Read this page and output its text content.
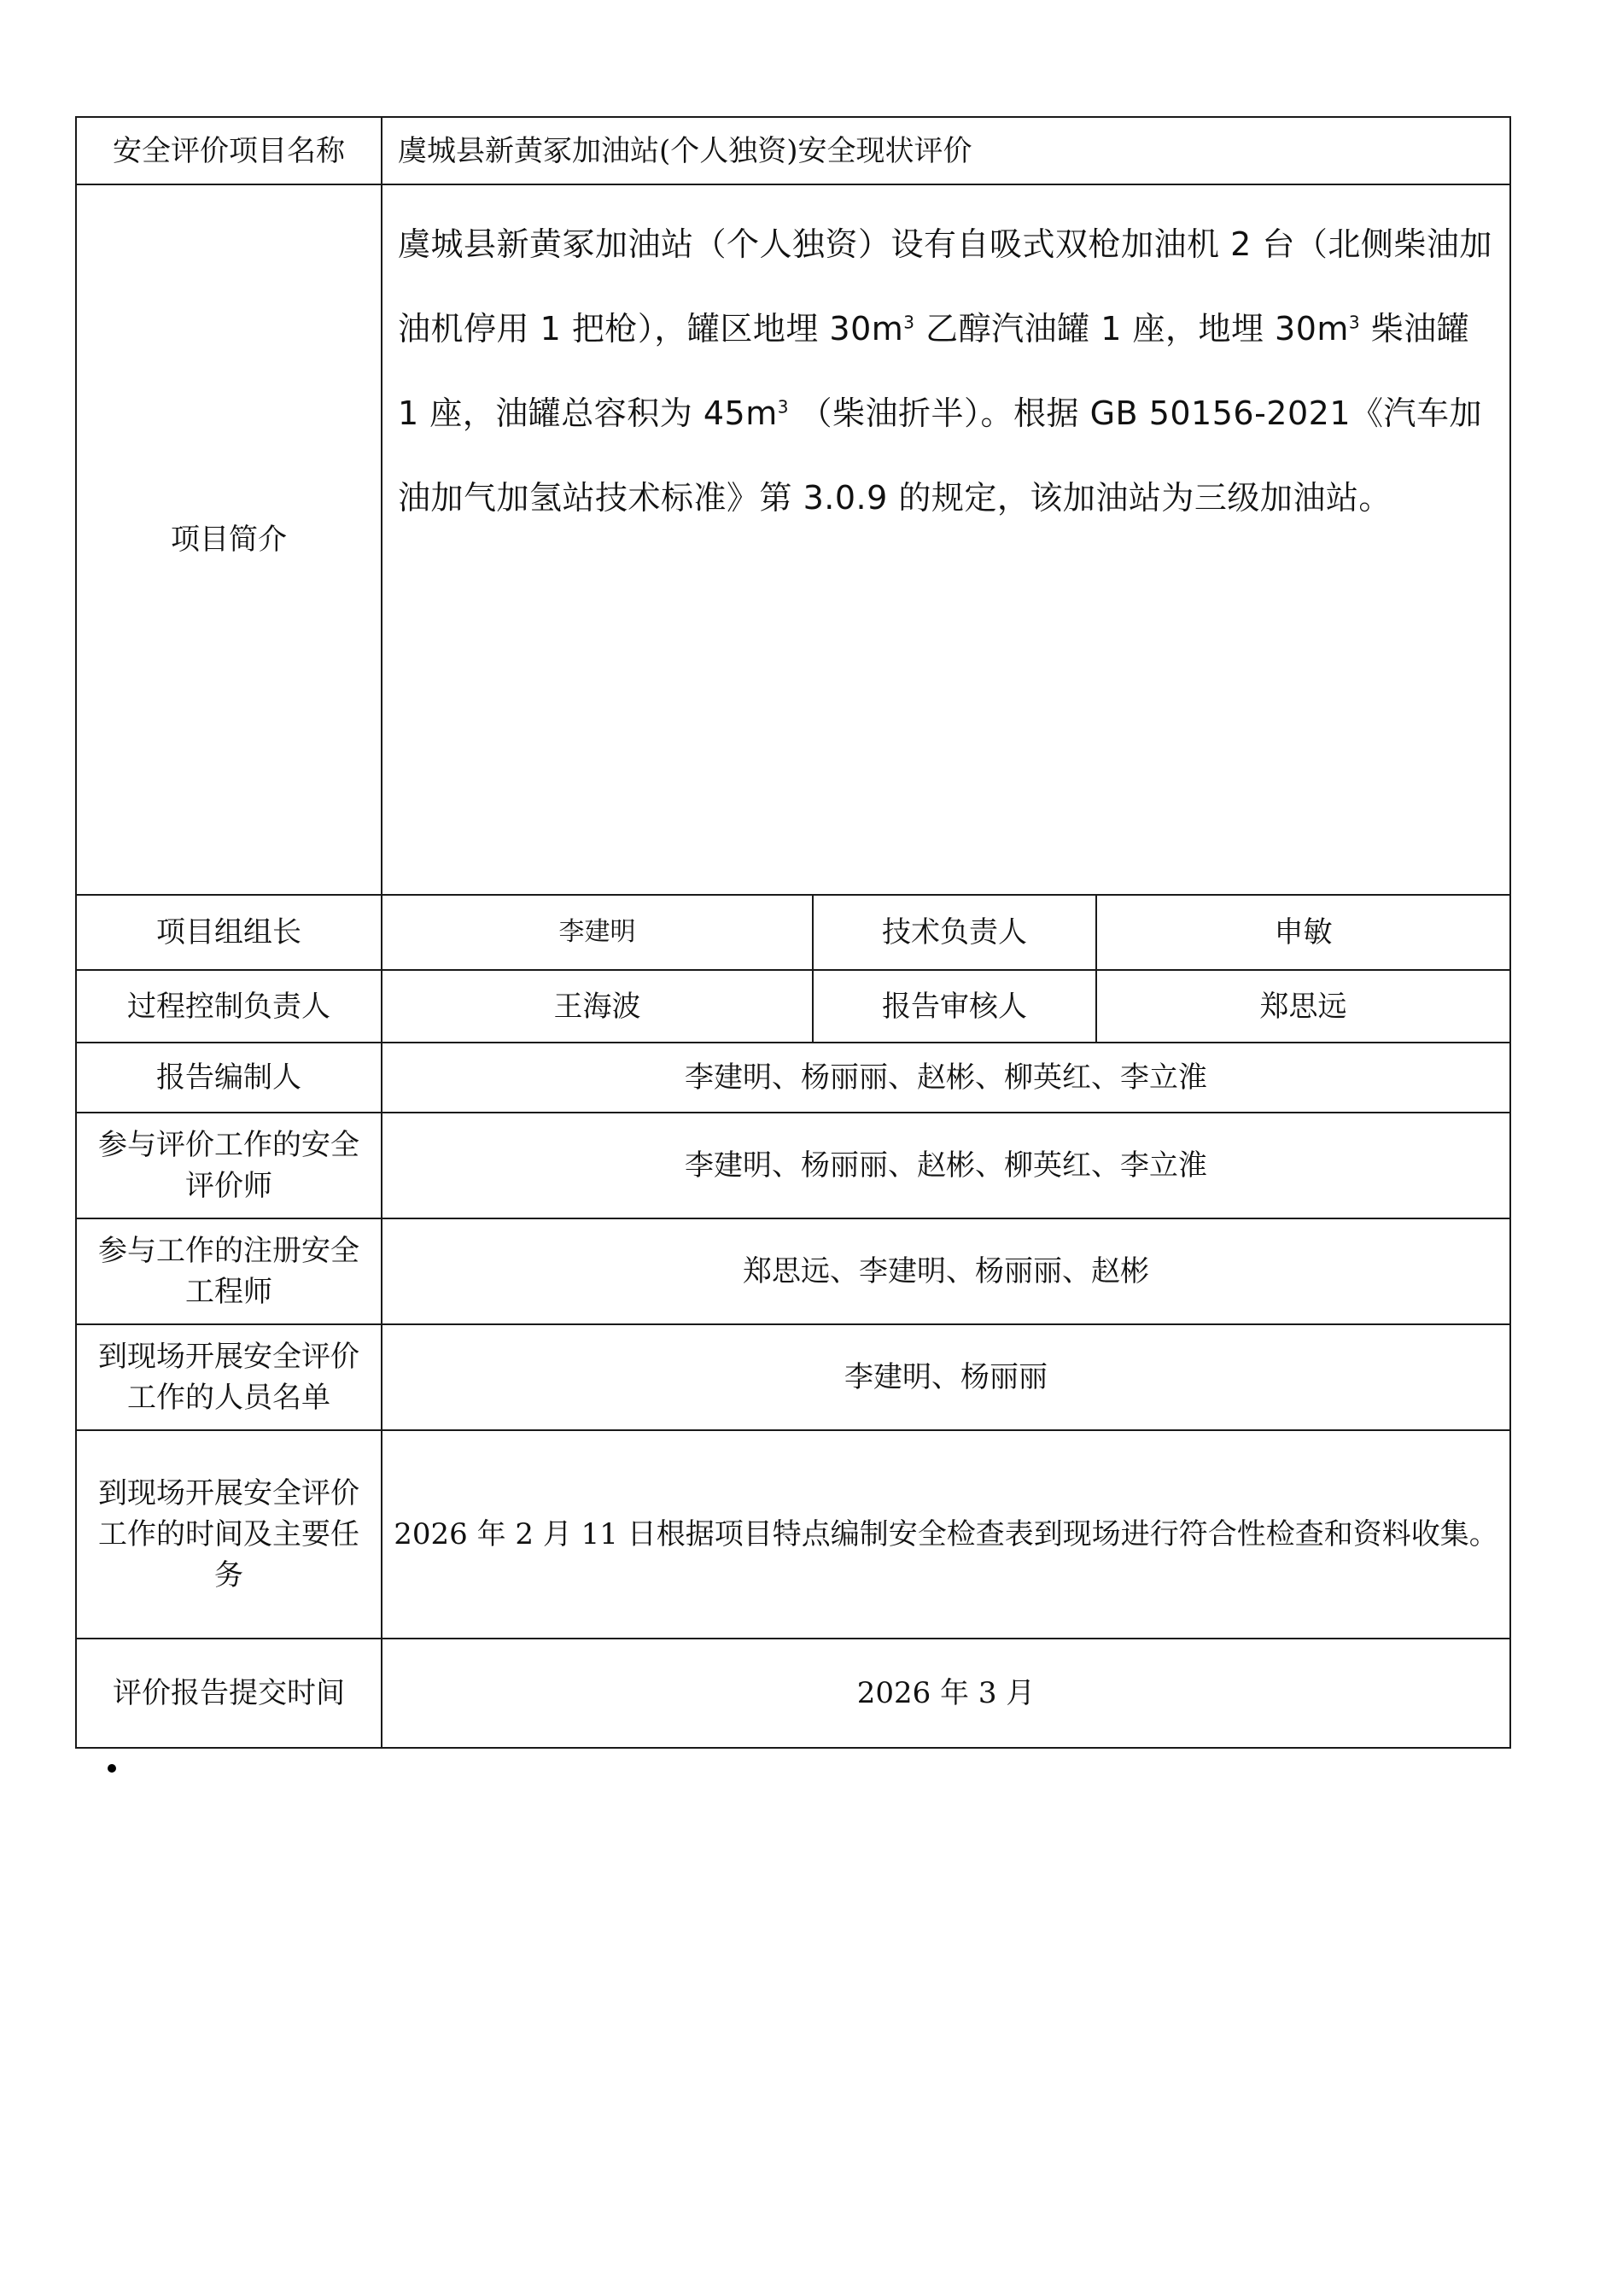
安全评价项目名称	虞城县新黄冢加油站(个人独资)安全现状评价		
项目简介	虞城县新黄冢加油站（个人独资）设有自吸式双枪加油机 2 台（北侧柴油加油机停用 1 把枪），罐区地埋 $30m^3$ 乙醇汽油罐 1 座，地埋 $30m^3$ 柴油罐 1 座，油罐总容积为 $45m^3$ （柴油折半）。根据 GB 50156-2021《汽车加油加气加氢站技术标准》第 3.0.9 的规定，该加油站为三级加油站。		
项目组组长	李建明	技术负责人	申敏
过程控制负责人	王海波	报告审核人	郑思远
报告编制人	李建明、杨丽丽、赵彬、柳英红、李立淮		
参与评价工作的安全评价师	李建明、杨丽丽、赵彬、柳英红、李立淮		
参与工作的注册安全工程师	郑思远、李建明、杨丽丽、赵彬		
到现场开展安全评价工作的人员名单	李建明、杨丽丽		
到现场开展安全评价工作的时间及主要任务	2026 年 2 月 11 日根据项目特点编制安全检查表到现场进行符合性检查和资料收集。		
评价报告提交时间	2026 年 3 月		
